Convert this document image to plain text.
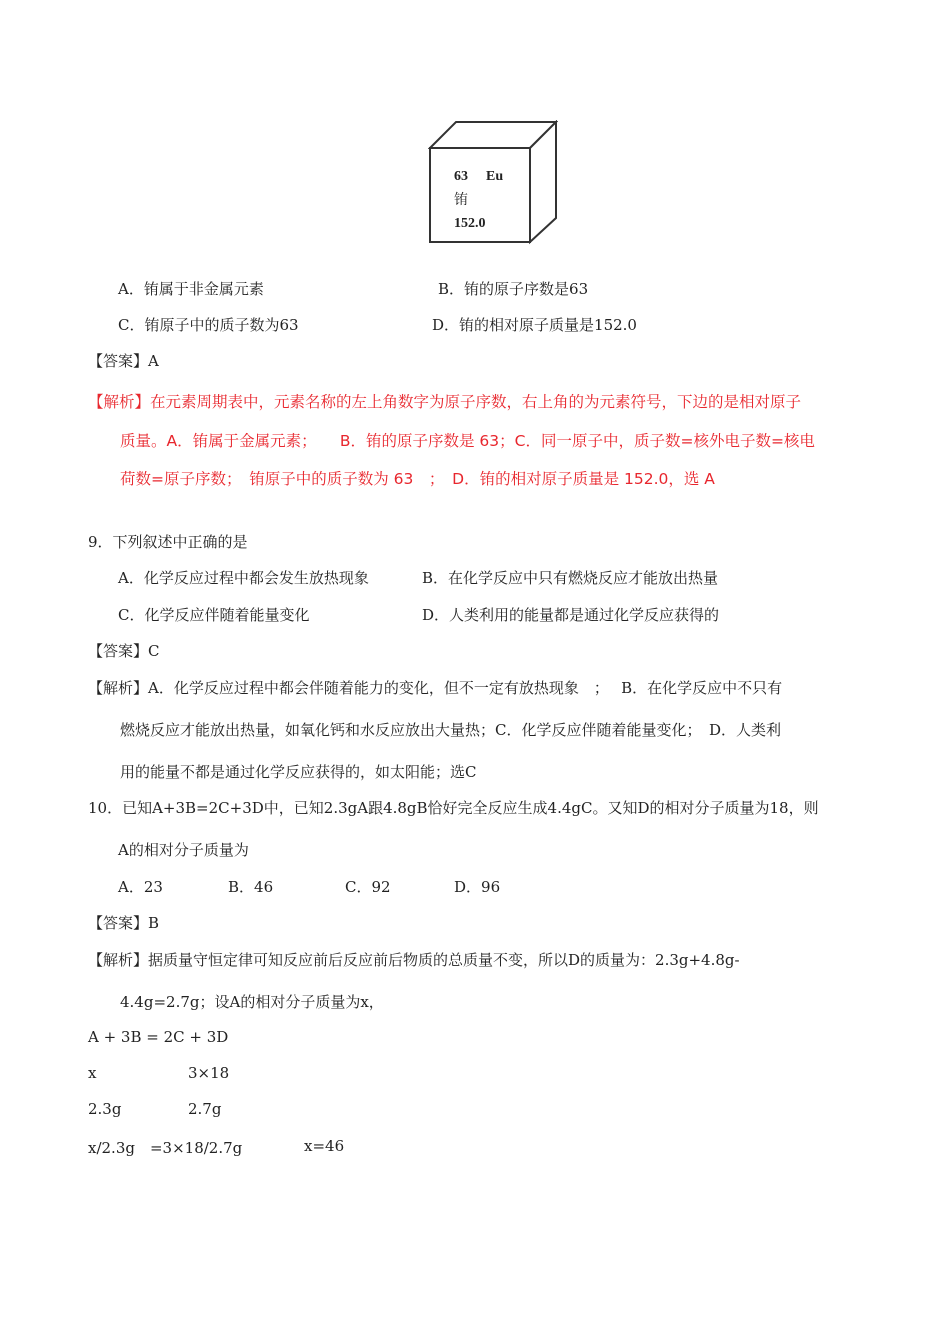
63 Eu
铕
152.0
A．铕属于非金属元素	B．铕的原子序数是63
C．铕原子中的质子数为63	D．铕的相对原子质量是152.0
【答案】A
【解析】在元素周期表中，元素名称的左上角数字为原子序数，右上角的为元素符号，下边的是相对原子
质量。A．铕属于金属元素；　　B．铕的原子序数是 63；C．同一原子中，质子数=核外电子数=核电
荷数=原子序数；　铕原子中的质子数为 63　；　D．铕的相对原子质量是 152.0，选 A
9．下列叙述中正确的是
A．化学反应过程中都会发生放热现象	B．在化学反应中只有燃烧反应才能放出热量
C．化学反应伴随着能量变化	D．人类利用的能量都是通过化学反应获得的
【答案】C
【解析】A．化学反应过程中都会伴随着能力的变化，但不一定有放热现象　；　 B．在化学反应中不只有
燃烧反应才能放出热量，如氧化钙和水反应放出大量热；C．化学反应伴随着能量变化；　D．人类利
用的能量不都是通过化学反应获得的，如太阳能；选C
10．已知A+3B=2C+3D中，已知2.3gA跟4.8gB恰好完全反应生成4.4gC。又知D的相对分子质量为18，则
A的相对分子质量为
A．23	B．46	C．92	D．96
【答案】B
【解析】据质量守恒定律可知反应前后反应前后物质的总质量不变，所以D的质量为：2.3g+4.8g-
4.4g=2.7g；设A的相对分子质量为x，
A + 3B = 2C + 3D
x	3×18
2.3g	2.7g
x/2.3g　=3×18/2.7g	x=46
